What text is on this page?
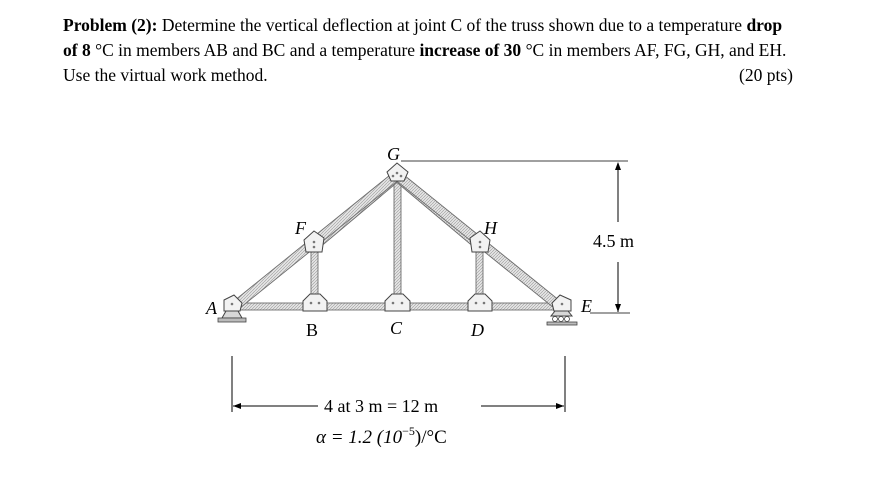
Problem (2): Determine the vertical deflection at joint C of the truss shown due to a temperature drop of 8 °C in members AB and BC and a temperature increase of 30 °C in members AF, FG, GH, and EH. Use the virtual work method.	(20 pts)
A
B	C	D
E
F
G
H
4.5 m
4 at 3 m = 12 m
α = 1.2 $(10^{-5})/^\circ C$
